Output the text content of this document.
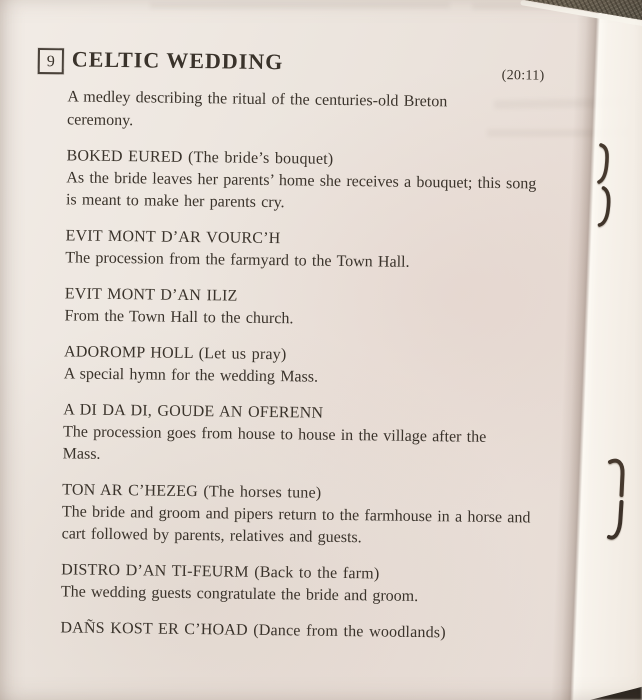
9 CELTIC WEDDING
(20:11)
A medley describing the ritual of the centuries-old Breton ceremony.
BOKED EURED (The bride’s bouquet)
As the bride leaves her parents’ home she receives a bouquet; this song is meant to make her parents cry.
EVIT MONT D’AR VOURC’H
The procession from the farmyard to the Town Hall.
EVIT MONT D’AN ILIZ
From the Town Hall to the church.
ADOROMP HOLL (Let us pray)
A special hymn for the wedding Mass.
A DI DA DI, GOUDE AN OFERENN
The procession goes from house to house in the village after the Mass.
TON AR C’HEZEG (The horses tune)
The bride and groom and pipers return to the farmhouse in a horse and cart followed by parents, relatives and guests.
DISTRO D’AN TI-FEURM (Back to the farm)
The wedding guests congratulate the bride and groom.
DAÑS KOST ER C’HOAD (Dance from the woodlands)
